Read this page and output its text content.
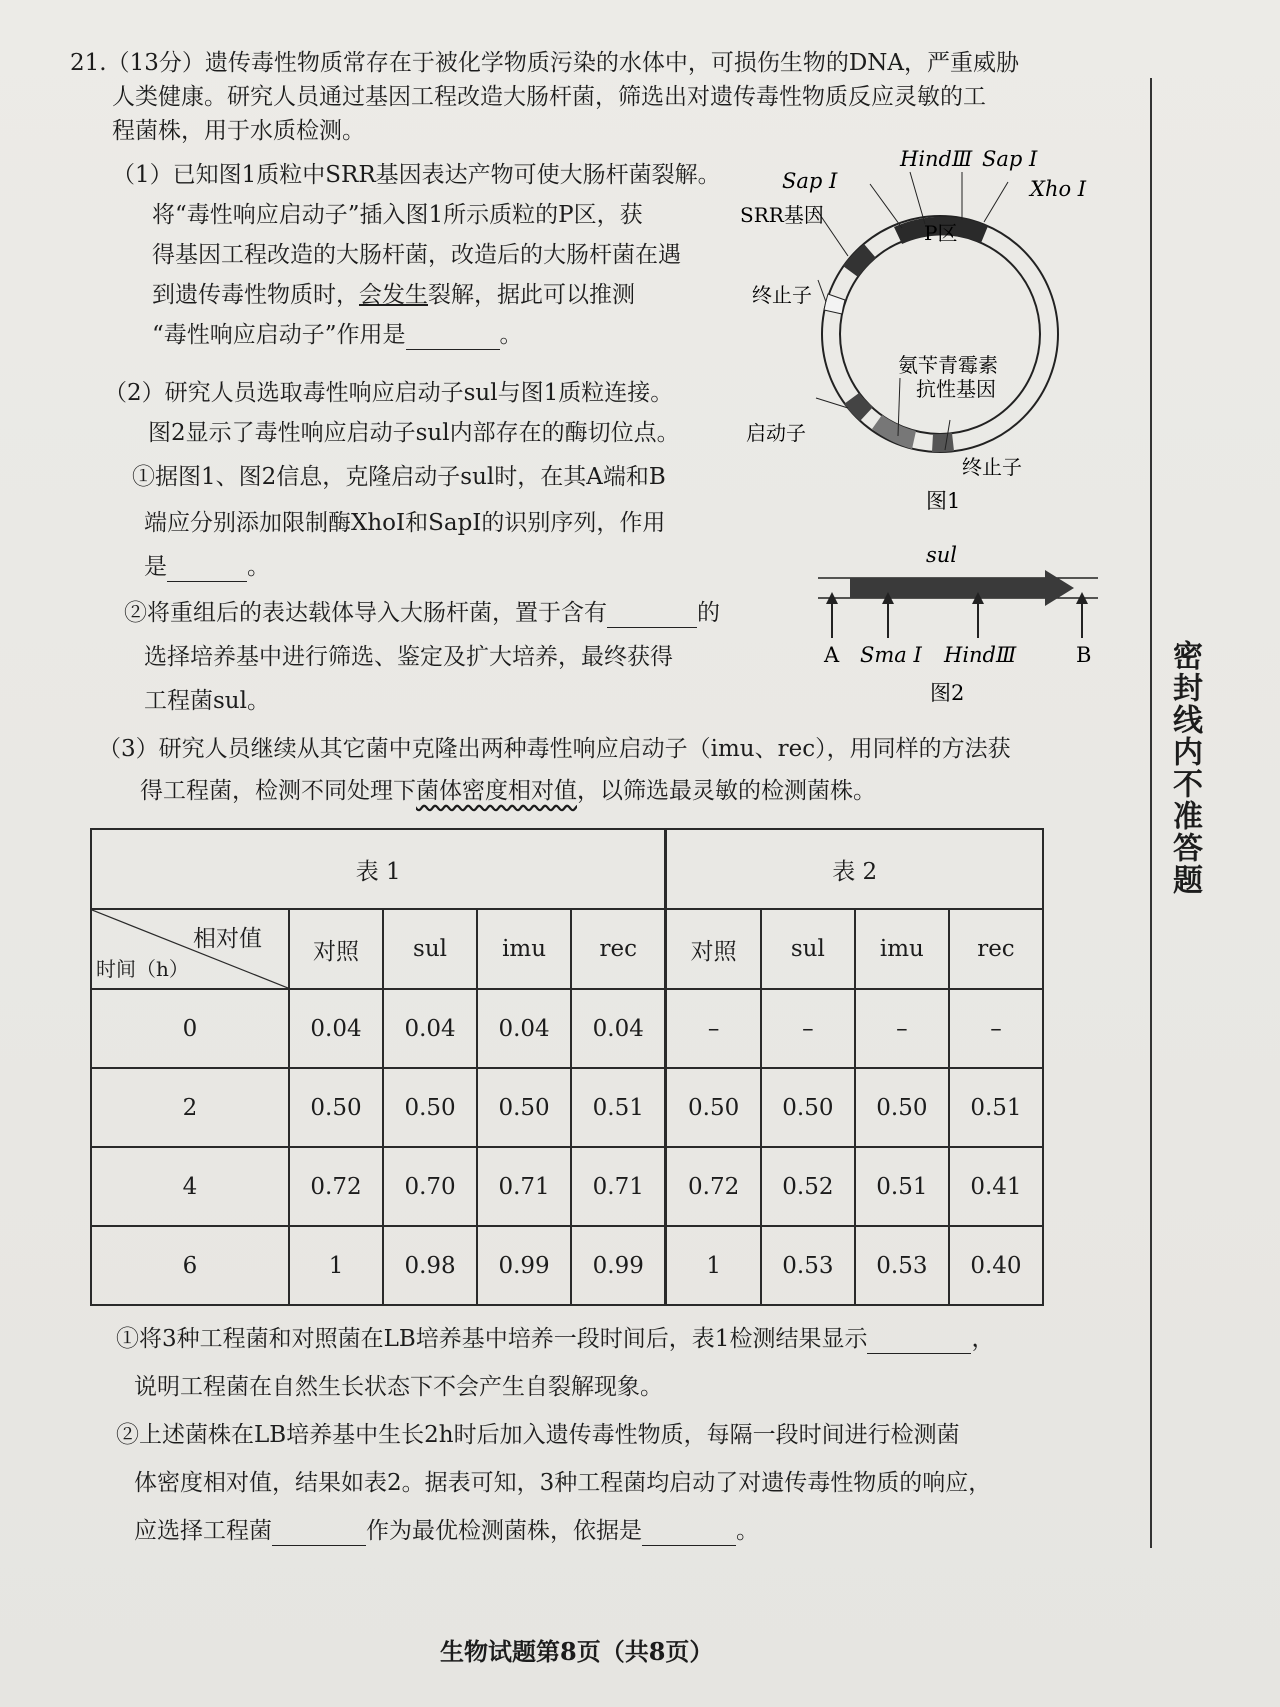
21.（13分）遗传毒性物质常存在于被化学物质污染的水体中，可损伤生物的DNA，严重威胁
人类健康。研究人员通过基因工程改造大肠杆菌，筛选出对遗传毒性物质反应灵敏的工
程菌株，用于水质检测。
（1）已知图1质粒中SRR基因表达产物可使大肠杆菌裂解。
将“毒性响应启动子”插入图1所示质粒的P区，获
得基因工程改造的大肠杆菌，改造后的大肠杆菌在遇
到遗传毒性物质时，会发生裂解，据此可以推测
“毒性响应启动子”作用是	。
（2）研究人员选取毒性响应启动子sul与图1质粒连接。
图2显示了毒性响应启动子sul内部存在的酶切位点。
①据图1、图2信息，克隆启动子sul时，在其A端和B
端应分别添加限制酶XhoⅠ和SapⅠ的识别序列，作用
是	。
②将重组后的表达载体导入大肠杆菌，置于含有	的
选择培养基中进行筛选、鉴定及扩大培养，最终获得
工程菌sul。
Sap Ⅰ
HindⅢ Sap Ⅰ
Xho Ⅰ
SRR基因
P区
终止子
氨苄青霉素
抗性基因
启动子
终止子
图1
sul
A Sma Ⅰ HindⅢ	B
图2
（3）研究人员继续从其它菌中克隆出两种毒性响应启动子（imu、rec），用同样的方法获
得工程菌，检测不同处理下菌体密度相对值，以筛选最灵敏的检测菌株。
表 1					表 2			

相对值
时间（h）	对照	sul	imu	rec	对照	sul	imu	rec
0	0.04	0.04	0.04	0.04	–	–	–	–
2	0.50	0.50	0.50	0.51	0.50	0.50	0.50	0.51
4	0.72	0.70	0.71	0.71	0.72	0.52	0.51	0.41
6	1	0.98	0.99	0.99	1	0.53	0.53	0.40
①将3种工程菌和对照菌在LB培养基中培养一段时间后，表1检测结果显示	，
说明工程菌在自然生长状态下不会产生自裂解现象。
②上述菌株在LB培养基中生长2h时后加入遗传毒性物质，每隔一段时间进行检测菌
体密度相对值，结果如表2。据表可知，3种工程菌均启动了对遗传毒性物质的响应，
应选择工程菌	作为最优检测菌株，依据是	。
密封线内不准答题
生物试题第8页（共8页）
